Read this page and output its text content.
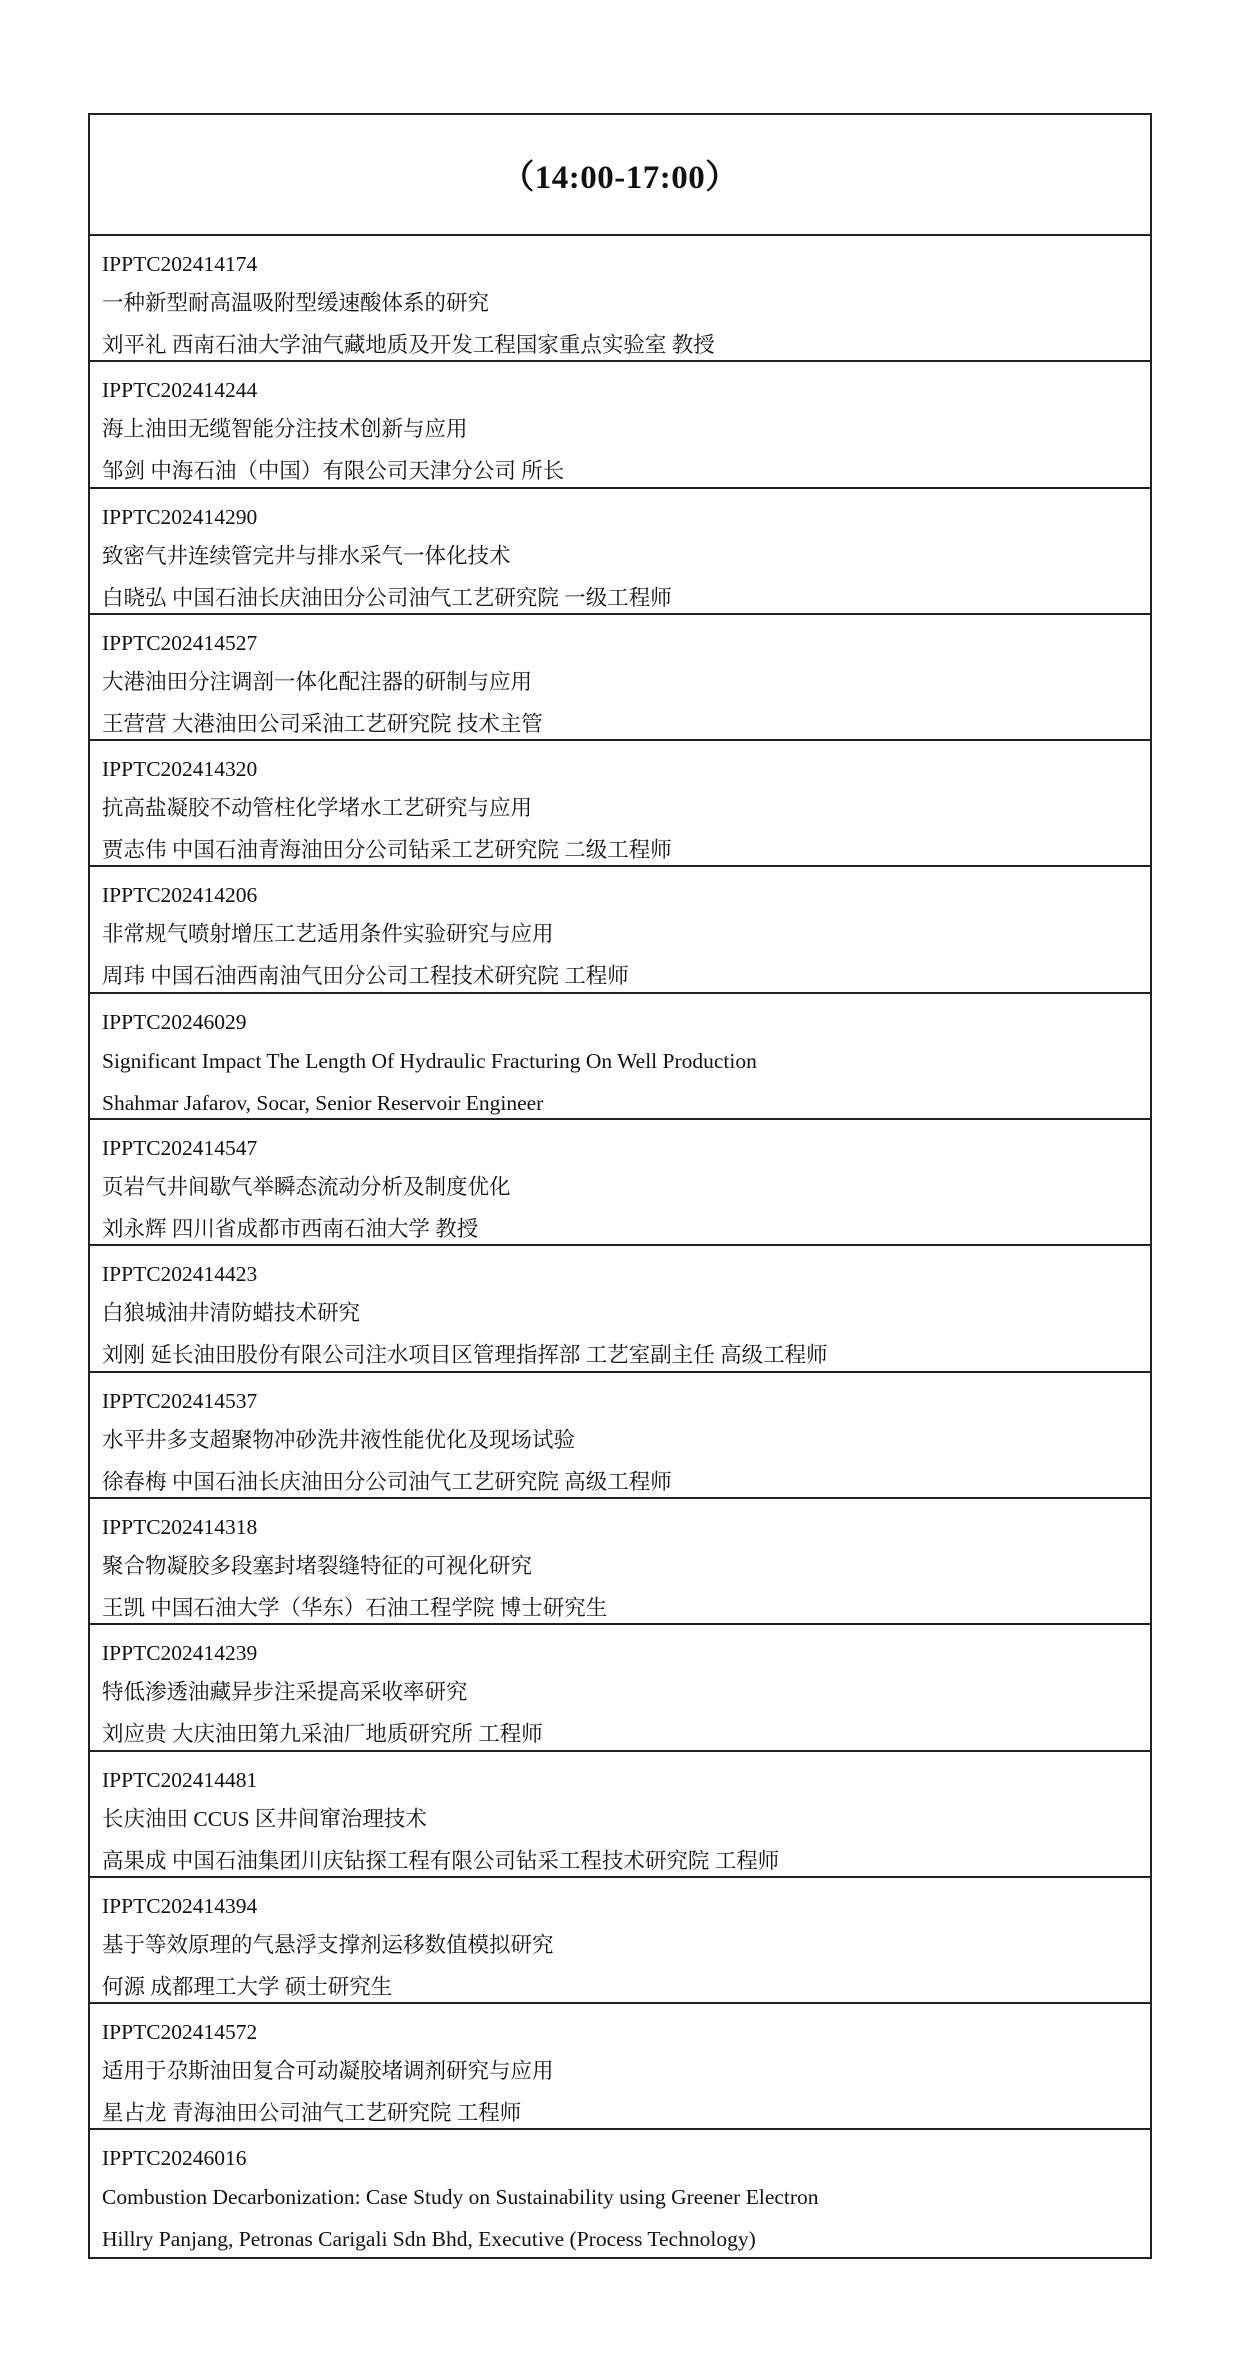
（14:00-17:00）
IPPTC202414174
一种新型耐高温吸附型缓速酸体系的研究
刘平礼 西南石油大学油气藏地质及开发工程国家重点实验室 教授
IPPTC202414244
海上油田无缆智能分注技术创新与应用
邹剑 中海石油（中国）有限公司天津分公司 所长
IPPTC202414290
致密气井连续管完井与排水采气一体化技术
白晓弘 中国石油长庆油田分公司油气工艺研究院 一级工程师
IPPTC202414527
大港油田分注调剖一体化配注器的研制与应用
王营营 大港油田公司采油工艺研究院 技术主管
IPPTC202414320
抗高盐凝胶不动管柱化学堵水工艺研究与应用
贾志伟 中国石油青海油田分公司钻采工艺研究院 二级工程师
IPPTC202414206
非常规气喷射增压工艺适用条件实验研究与应用
周玮 中国石油西南油气田分公司工程技术研究院 工程师
IPPTC20246029
Significant Impact The Length Of Hydraulic Fracturing On Well Production
Shahmar Jafarov, Socar, Senior Reservoir Engineer
IPPTC202414547
页岩气井间歇气举瞬态流动分析及制度优化
刘永辉 四川省成都市西南石油大学 教授
IPPTC202414423
白狼城油井清防蜡技术研究
刘刚 延长油田股份有限公司注水项目区管理指挥部 工艺室副主任 高级工程师
IPPTC202414537
水平井多支超聚物冲砂洗井液性能优化及现场试验
徐春梅 中国石油长庆油田分公司油气工艺研究院 高级工程师
IPPTC202414318
聚合物凝胶多段塞封堵裂缝特征的可视化研究
王凯 中国石油大学（华东）石油工程学院 博士研究生
IPPTC202414239
特低渗透油藏异步注采提高采收率研究
刘应贵 大庆油田第九采油厂地质研究所 工程师
IPPTC202414481
长庆油田 CCUS 区井间窜治理技术
高果成 中国石油集团川庆钻探工程有限公司钻采工程技术研究院 工程师
IPPTC202414394
基于等效原理的气悬浮支撑剂运移数值模拟研究
何源 成都理工大学 硕士研究生
IPPTC202414572
适用于尕斯油田复合可动凝胶堵调剂研究与应用
星占龙 青海油田公司油气工艺研究院 工程师
IPPTC20246016
Combustion Decarbonization: Case Study on Sustainability using Greener Electron
Hillry Panjang, Petronas Carigali Sdn Bhd, Executive (Process Technology)
